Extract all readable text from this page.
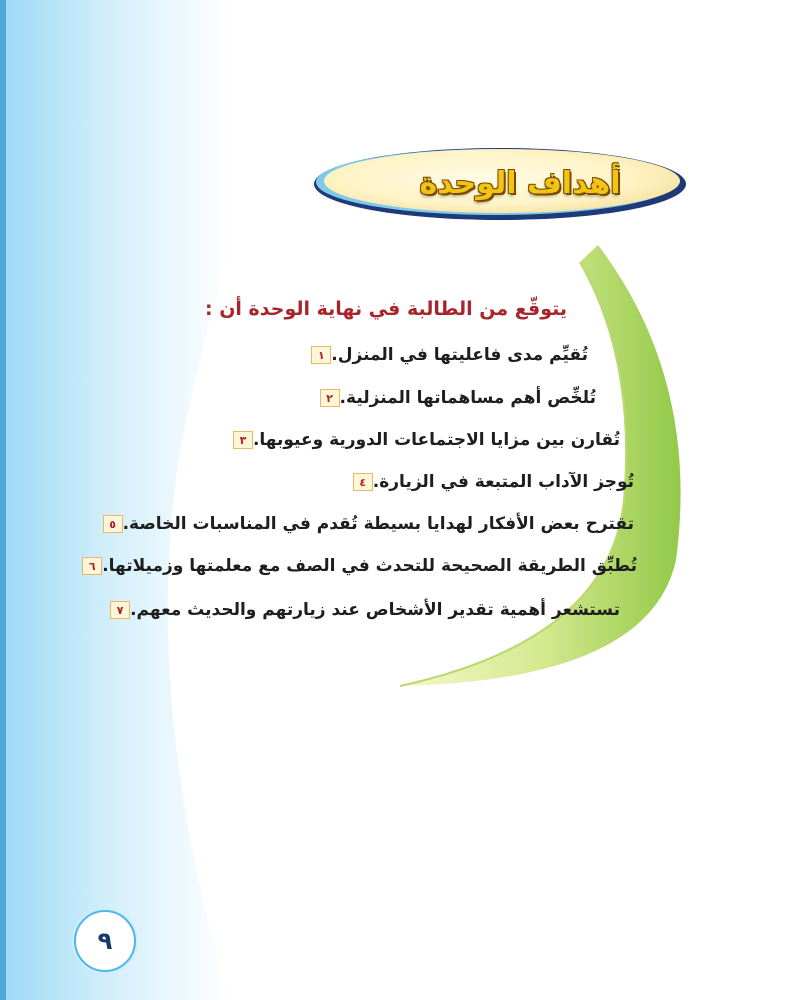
أهداف الوحدة
يتوقّع من الطالبة في نهاية الوحدة أن :
١ تُقيِّم مدى فاعليتها في المنزل.
٢ تُلخِّص أهم مساهماتها المنزلية.
٣ تُقارن بين مزايا الاجتماعات الدورية وعيوبها.
٤ تُوجز الآداب المتبعة في الزيارة.
٥ تقترح بعض الأفكار لهدايا بسيطة تُقدم في المناسبات الخاصة.
٦ تُطبِّق الطريقة الصحيحة للتحدث في الصف مع معلمتها وزميلاتها.
٧ تستشعر أهمية تقدير الأشخاص عند زيارتهم والحديث معهم.
٩
